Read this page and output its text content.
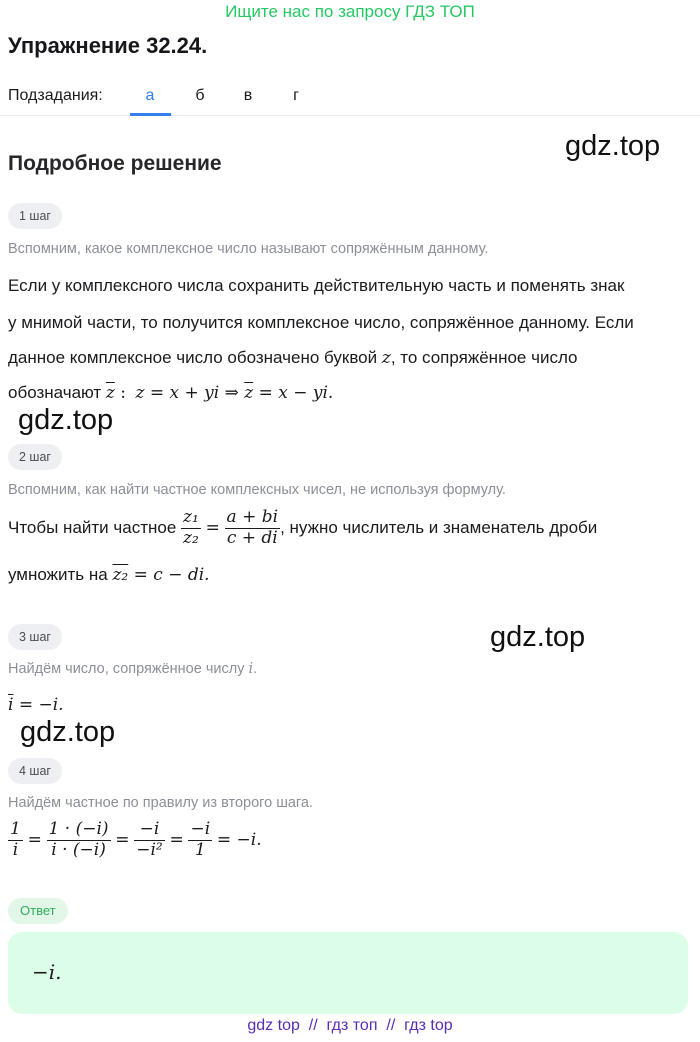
Ищите нас по запросу ГДЗ ТОП
Упражнение 32.24.
Подзадания:	а	б	в	г
Подробное решение
gdz.top
gdz.top
gdz.top
gdz.top
1 шаг
Вспомним, какое комплексное число называют сопряжённым данному.
Если у комплексного числа сохранить действительную часть и поменять знак
у мнимой части, то получится комплексное число, сопряжённое данному. Если
данное комплексное число обозначено буквой z, то сопряжённое число
обозначают $\overline{z}$ : z = x + yi ⇒ $\overline{z} = x$ − yi.
2 шаг
Вспомним, как найти частное комплексных чисел, не используя формулу.
Чтобы найти частное $\frac{\text{z₁}}{\text{z₂}} = \frac{a + bi}{c + di}$ , нужно числитель и знаменатель дроби
умножить на z₂ = c − di.
3 шаг
Найдём число, сопряжённое числу i.
$\overline{i} = -i$.
4 шаг
Найдём частное по правилу из второго шага.
$\frac{1}{i} = \frac{1 \cdot (-i)}{i \cdot (-i)} = \frac{-i}{\text{−i²}} = \frac{-i}{1} = -i$.
Ответ
−i.
gdz top  //  гдз топ  //  гдз top
